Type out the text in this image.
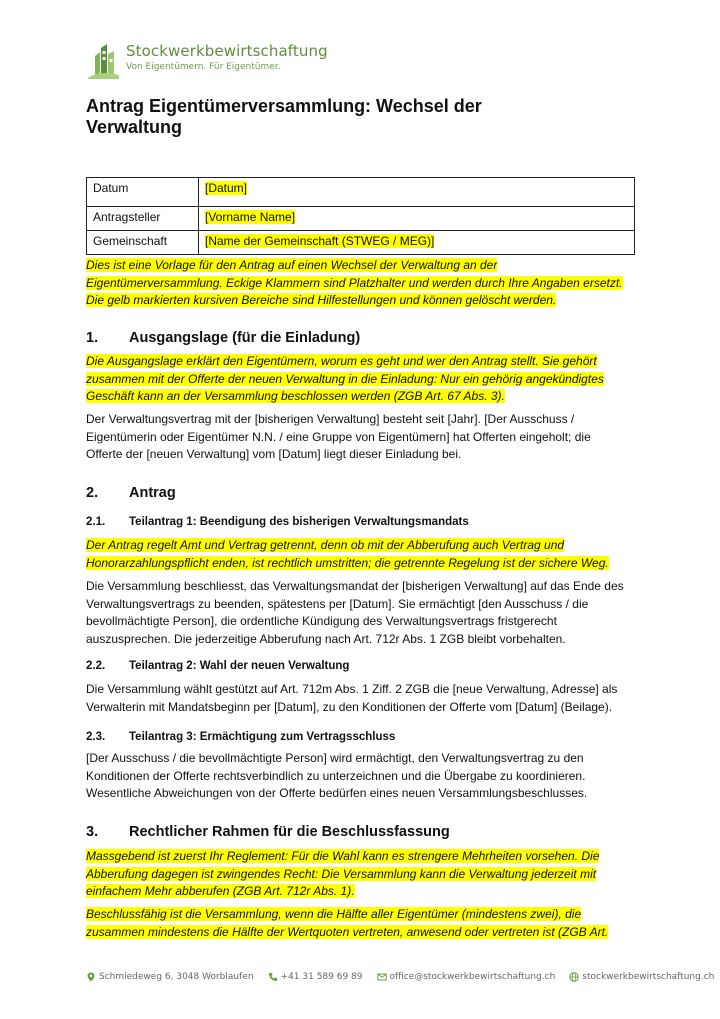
Stockwerkbewirtschaftung
Von Eigentümern. Für Eigentümer.
Antrag Eigentümerversammlung: Wechsel der
Verwaltung
Datum	[Datum]
Antragsteller	[Vorname Name]
Gemeinschaft	[Name der Gemeinschaft (STWEG / MEG)]
Dies ist eine Vorlage für den Antrag auf einen Wechsel der Verwaltung an der
Eigentümerversammlung. Eckige Klammern sind Platzhalter und werden durch Ihre Angaben ersetzt.
Die gelb markierten kursiven Bereiche sind Hilfestellungen und können gelöscht werden.
1. Ausgangslage (für die Einladung)
Die Ausgangslage erklärt den Eigentümern, worum es geht und wer den Antrag stellt. Sie gehört
zusammen mit der Offerte der neuen Verwaltung in die Einladung: Nur ein gehörig angekündigtes
Geschäft kann an der Versammlung beschlossen werden (ZGB Art. 67 Abs. 3).
Der Verwaltungsvertrag mit der [bisherigen Verwaltung] besteht seit [Jahr]. [Der Ausschuss /
Eigentümerin oder Eigentümer N.N. / eine Gruppe von Eigentümern] hat Offerten eingeholt; die
Offerte der [neuen Verwaltung] vom [Datum] liegt dieser Einladung bei.
2. Antrag
2.1. Teilantrag 1: Beendigung des bisherigen Verwaltungsmandats
Der Antrag regelt Amt und Vertrag getrennt, denn ob mit der Abberufung auch Vertrag und
Honorarzahlungspflicht enden, ist rechtlich umstritten; die getrennte Regelung ist der sichere Weg.
Die Versammlung beschliesst, das Verwaltungsmandat der [bisherigen Verwaltung] auf das Ende des
Verwaltungsvertrags zu beenden, spätestens per [Datum]. Sie ermächtigt [den Ausschuss / die
bevollmächtigte Person], die ordentliche Kündigung des Verwaltungsvertrags fristgerecht
auszusprechen. Die jederzeitige Abberufung nach Art. 712r Abs. 1 ZGB bleibt vorbehalten.
2.2. Teilantrag 2: Wahl der neuen Verwaltung
Die Versammlung wählt gestützt auf Art. 712m Abs. 1 Ziff. 2 ZGB die [neue Verwaltung, Adresse] als
Verwalterin mit Mandatsbeginn per [Datum], zu den Konditionen der Offerte vom [Datum] (Beilage).
2.3. Teilantrag 3: Ermächtigung zum Vertragsschluss
[Der Ausschuss / die bevollmächtigte Person] wird ermächtigt, den Verwaltungsvertrag zu den
Konditionen der Offerte rechtsverbindlich zu unterzeichnen und die Übergabe zu koordinieren.
Wesentliche Abweichungen von der Offerte bedürfen eines neuen Versammlungsbeschlusses.
3. Rechtlicher Rahmen für die Beschlussfassung
Massgebend ist zuerst Ihr Reglement: Für die Wahl kann es strengere Mehrheiten vorsehen. Die
Abberufung dagegen ist zwingendes Recht: Die Versammlung kann die Verwaltung jederzeit mit
einfachem Mehr abberufen (ZGB Art. 712r Abs. 1).
Beschlussfähig ist die Versammlung, wenn die Hälfte aller Eigentümer (mindestens zwei), die
zusammen mindestens die Hälfte der Wertquoten vertreten, anwesend oder vertreten ist (ZGB Art.
Schmiedeweg 6, 3048 Worblaufen	+41 31 589 69 89	office@stockwerkbewirtschaftung.ch	stockwerkbewirtschaftung.ch
